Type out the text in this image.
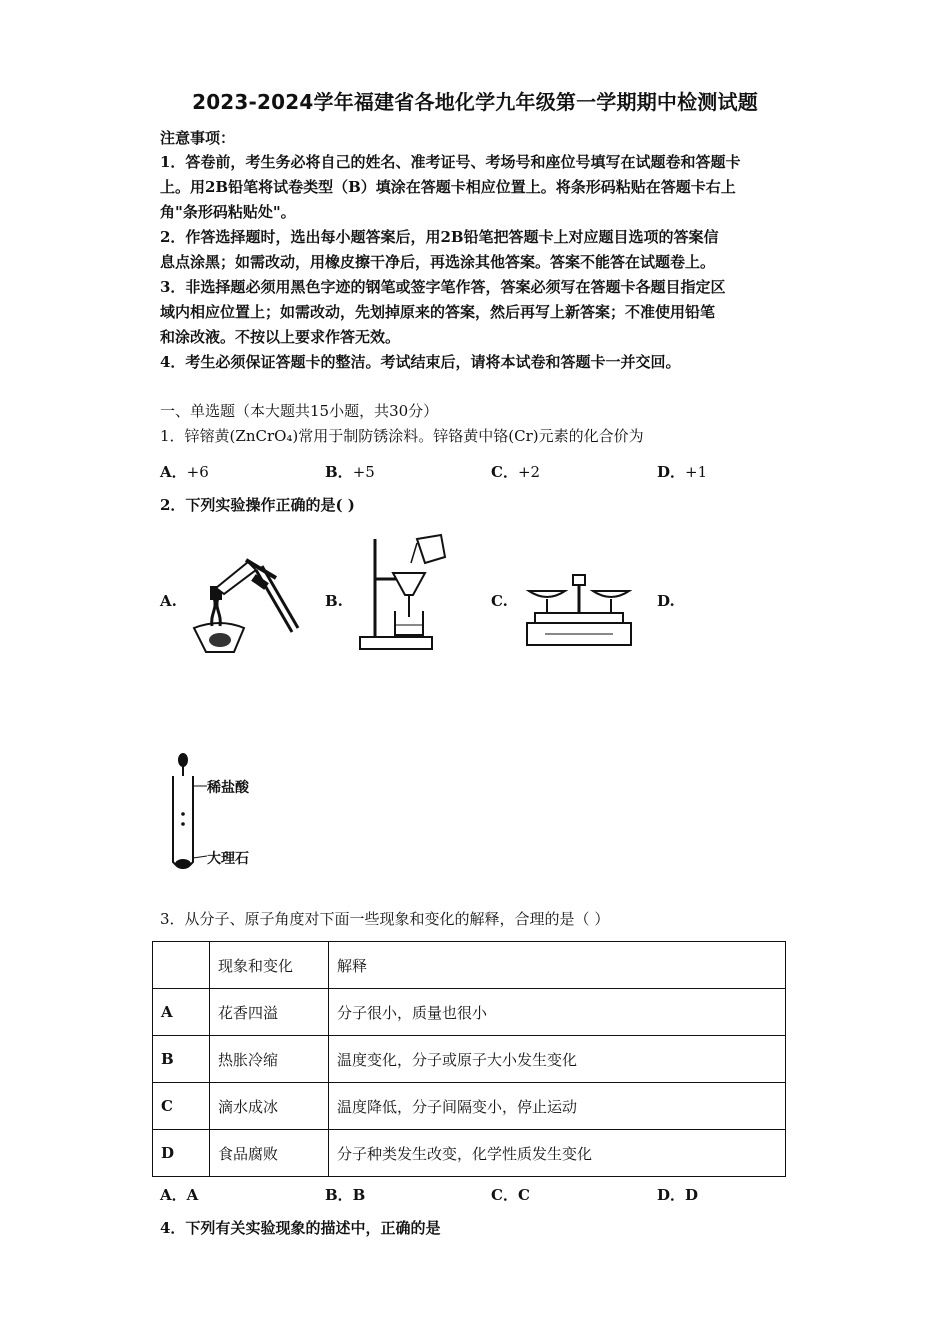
2023-2024学年福建省各地化学九年级第一学期期中检测试题
注意事项：
1．答卷前，考生务必将自己的姓名、准考证号、考场号和座位号填写在试题卷和答题卡
上。用2B铅笔将试卷类型（B）填涂在答题卡相应位置上。将条形码粘贴在答题卡右上
角"条形码粘贴处"。
2．作答选择题时，选出每小题答案后，用2B铅笔把答题卡上对应题目选项的答案信
息点涂黑；如需改动，用橡皮擦干净后，再选涂其他答案。答案不能答在试题卷上。
3．非选择题必须用黑色字迹的钢笔或签字笔作答，答案必须写在答题卡各题目指定区
域内相应位置上；如需改动，先划掉原来的答案，然后再写上新答案；不准使用铅笔
和涂改液。不按以上要求作答无效。
4．考生必须保证答题卡的整洁。考试结束后，请将本试卷和答题卡一并交回。
一、单选题（本大题共15小题，共30分）
1．锌镕黄(ZnCrO₄)常用于制防锈涂料。锌铬黄中铬(Cr)元素的化合价为
A．+6	B．+5	C．+2	D．+1
2．下列实验操作正确的是( )
A.	B.	C.	D.
稀盐酸
大理石
3．从分子、原子角度对下面一些现象和变化的解释，合理的是（ ）
	现象和变化	解释
A	花香四溢	分子很小，质量也很小
B	热胀冷缩	温度变化，分子或原子大小发生变化
C	滴水成冰	温度降低，分子间隔变小，停止运动
D	食品腐败	分子种类发生改变，化学性质发生变化
A．A	B．B	C．C	D．D
4．下列有关实验现象的描述中，正确的是
